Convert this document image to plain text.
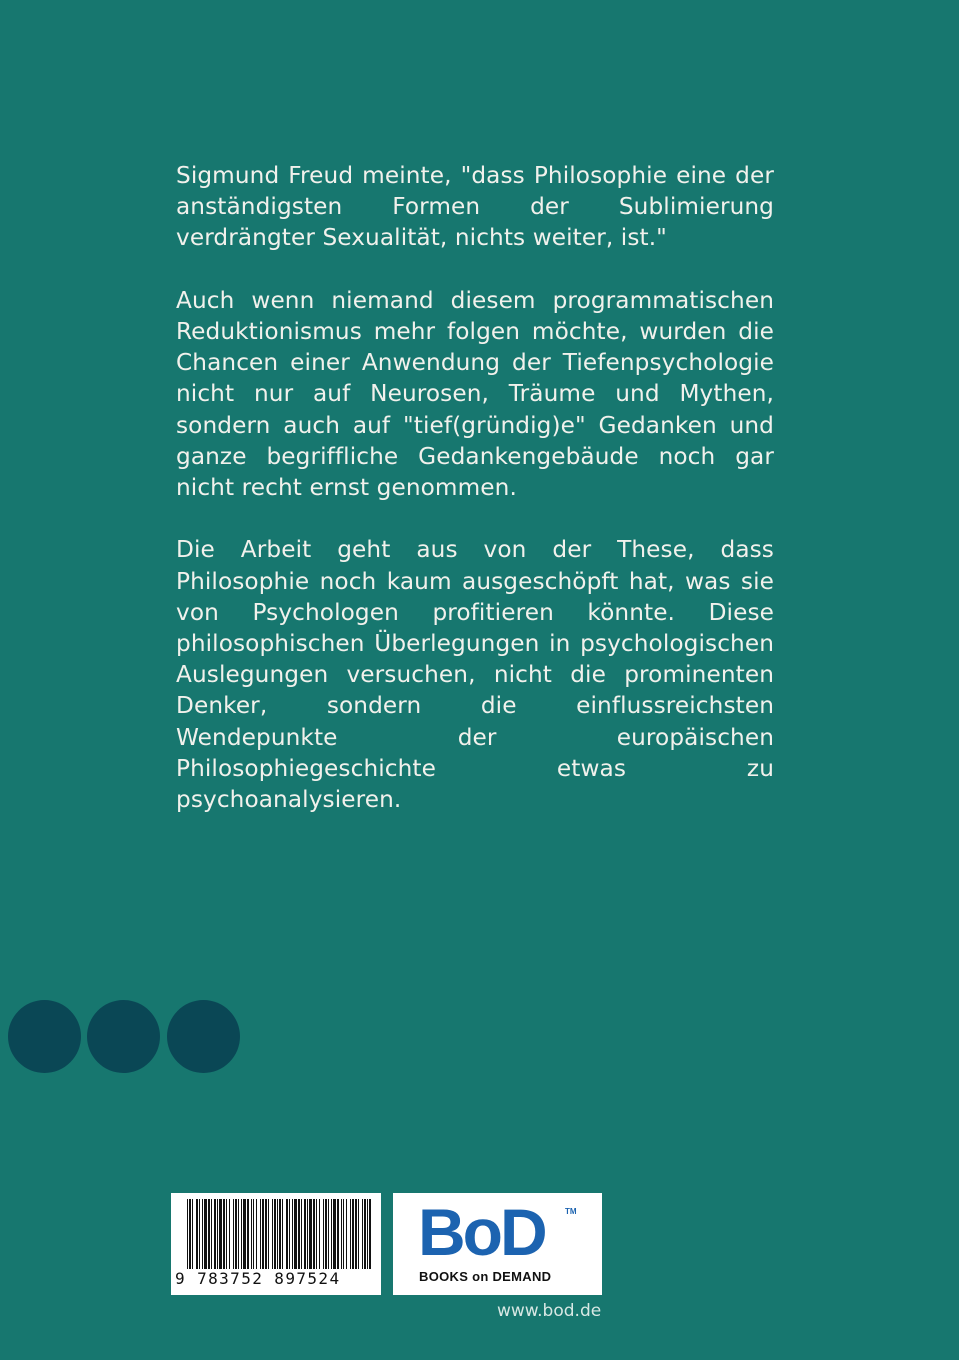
Sigmund Freud meinte, "dass Philosophie eine der anständigsten Formen der Sublimierung verdrängter Sexualität, nichts weiter, ist."

Auch wenn niemand diesem programmatischen Reduktionismus mehr folgen möchte, wurden die Chancen einer Anwendung der Tiefenpsychologie nicht nur auf Neurosen, Träume und Mythen, sondern auch auf "tief(gründig)e" Gedanken und ganze begriffliche Gedankengebäude noch gar nicht recht ernst genommen.

Die Arbeit geht aus von der These, dass Philosophie noch kaum ausgeschöpft hat, was sie von Psychologen profitieren könnte. Diese philosophischen Überlegungen in psychologischen Auslegungen versuchen, nicht die prominenten Denker, sondern die einflussreichsten Wendepunkte der europäischen Philosophiegeschichte etwas zu psychoanalysieren.

9 783752 897524
BoD	TM
BOOKS on DEMAND
www.bod.de
